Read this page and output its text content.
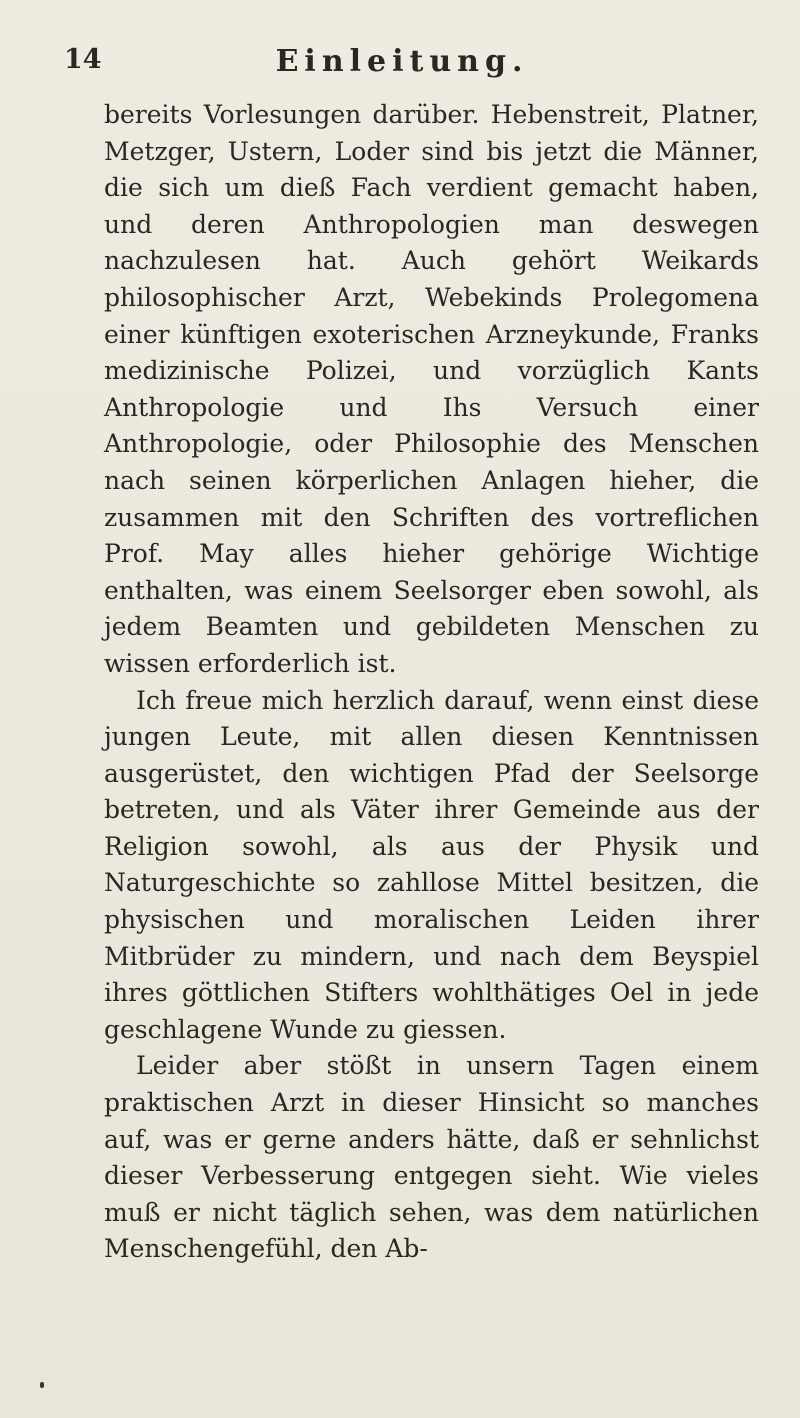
14	Einleitung.

bereits Vorlesungen darüber. Hebenstreit, Platner, Metzger, Ustern, Loder sind bis jetzt die Männer, die sich um dieß Fach verdient gemacht haben, und deren Anthropologien man deswegen nachzulesen hat. Auch gehört Weikards philosophischer Arzt, Webekinds Prolegomena einer künftigen exoterischen Arzneykunde, Franks medizinische Polizei, und vorzüglich Kants Anthropologie und Ihs Versuch einer Anthropologie, oder Philosophie des Menschen nach seinen körperlichen Anlagen hieher, die zusammen mit den Schriften des vortreflichen Prof. May alles hieher gehörige Wichtige enthalten, was einem Seelsorger eben sowohl, als jedem Beamten und gebildeten Menschen zu wissen erforderlich ist.

Ich freue mich herzlich darauf, wenn einst diese jungen Leute, mit allen diesen Kenntnissen ausgerüstet, den wichtigen Pfad der Seelsorge betreten, und als Väter ihrer Gemeinde aus der Religion sowohl, als aus der Physik und Naturgeschichte so zahllose Mittel besitzen, die physischen und moralischen Leiden ihrer Mitbrüder zu mindern, und nach dem Beyspiel ihres göttlichen Stifters wohlthätiges Oel in jede geschlagene Wunde zu giessen.

Leider aber stößt in unsern Tagen einem praktischen Arzt in dieser Hinsicht so manches auf, was er gerne anders hätte, daß er sehnlichst dieser Verbesserung entgegen sieht. Wie vieles muß er nicht täglich sehen, was dem natürlichen Menschengefühl, den Ab-
